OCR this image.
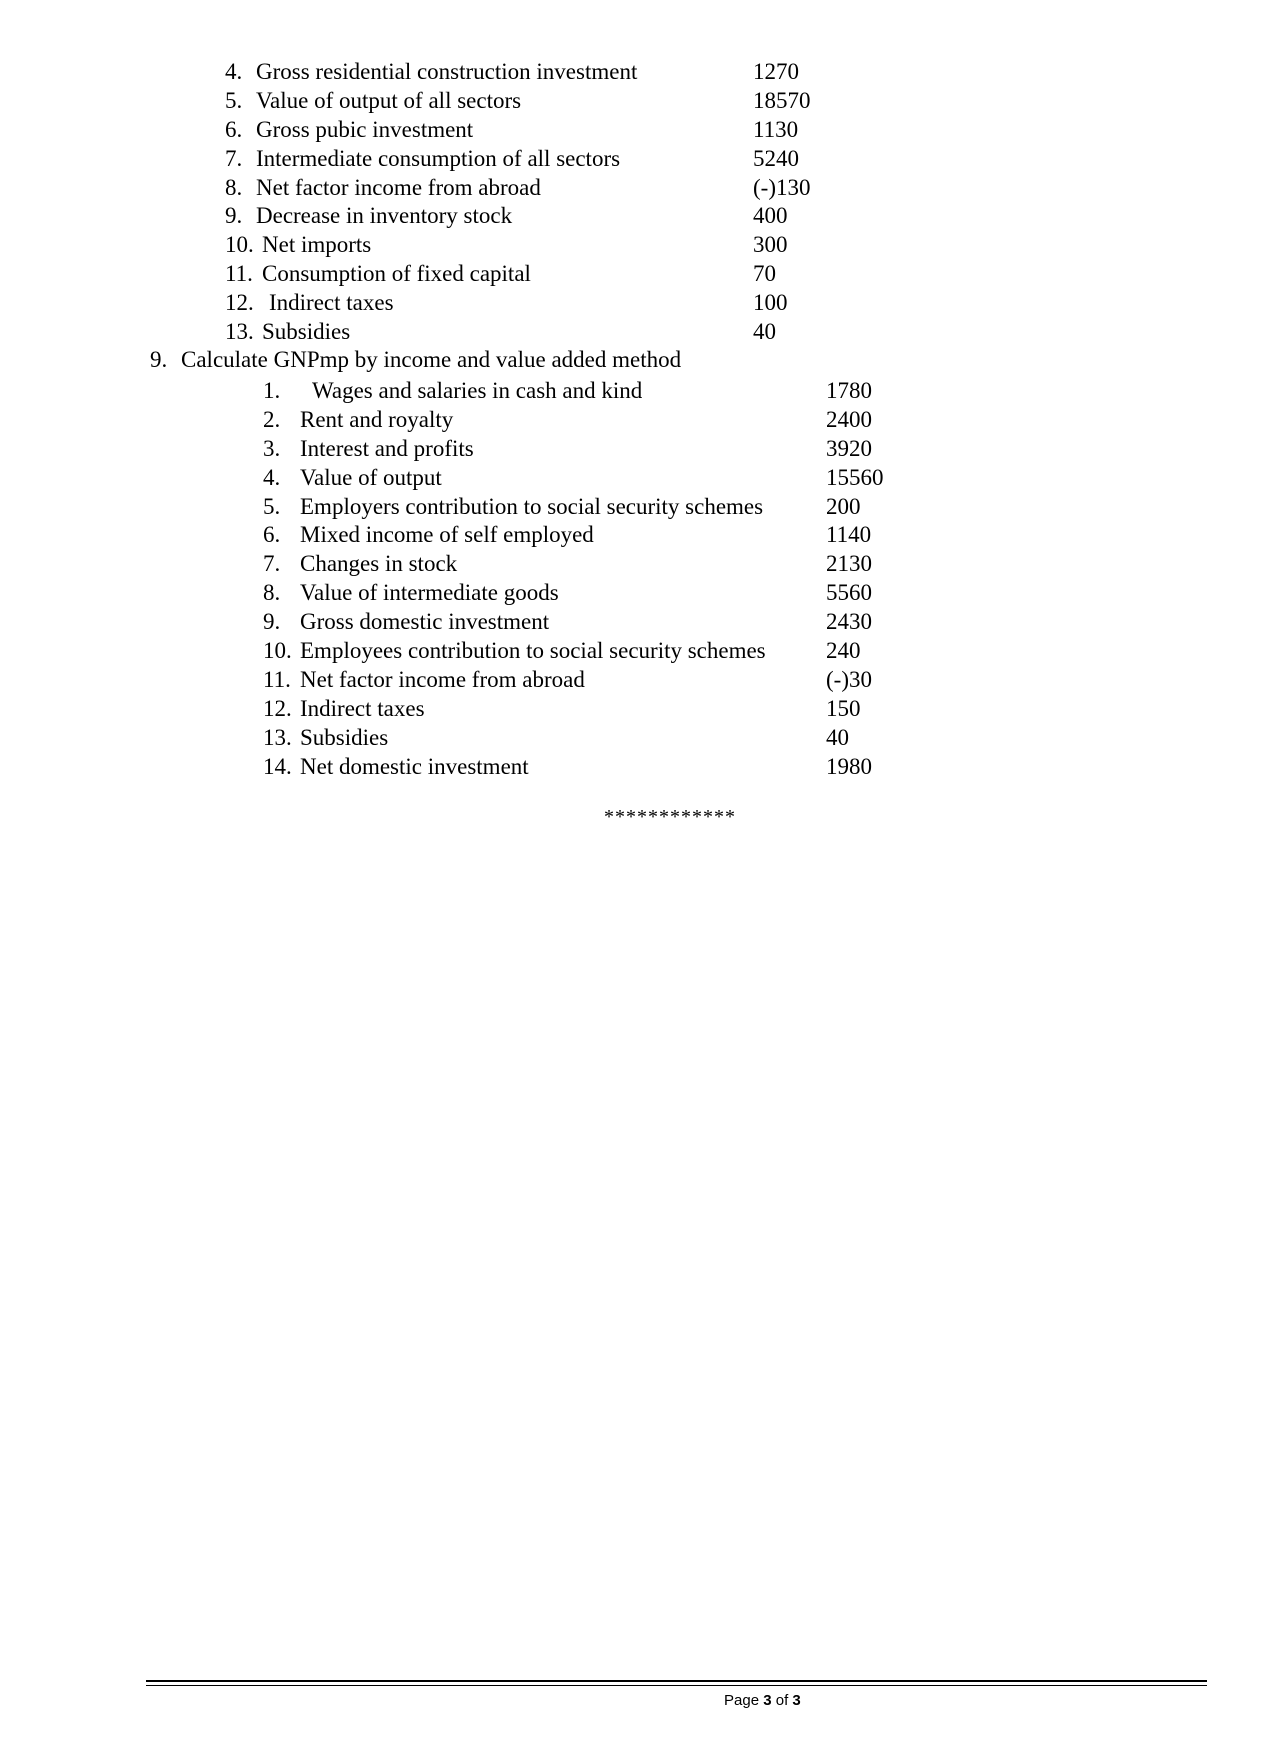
4. Gross residential construction investment	1270
5. Value of output of all sectors	18570
6. Gross pubic investment	1130
7. Intermediate consumption of all sectors	5240
8. Net factor income from abroad	(-)130
9. Decrease in inventory stock	400
10. Net imports	300
11. Consumption of fixed capital	70
12. Indirect taxes	100
13. Subsidies	40
9. Calculate GNPmp by income and value added method
1. Wages and salaries in cash and kind	1780
2. Rent and royalty	2400
3. Interest and profits	3920
4. Value of output	15560
5. Employers contribution to social security schemes	200
6. Mixed income of self employed	1140
7. Changes in stock	2130
8. Value of intermediate goods	5560
9. Gross domestic investment	2430
10. Employees contribution to social security schemes	240
11. Net factor income from abroad	(-)30
12. Indirect taxes	150
13. Subsidies	40
14. Net domestic investment	1980
************
Page 3 of 3
